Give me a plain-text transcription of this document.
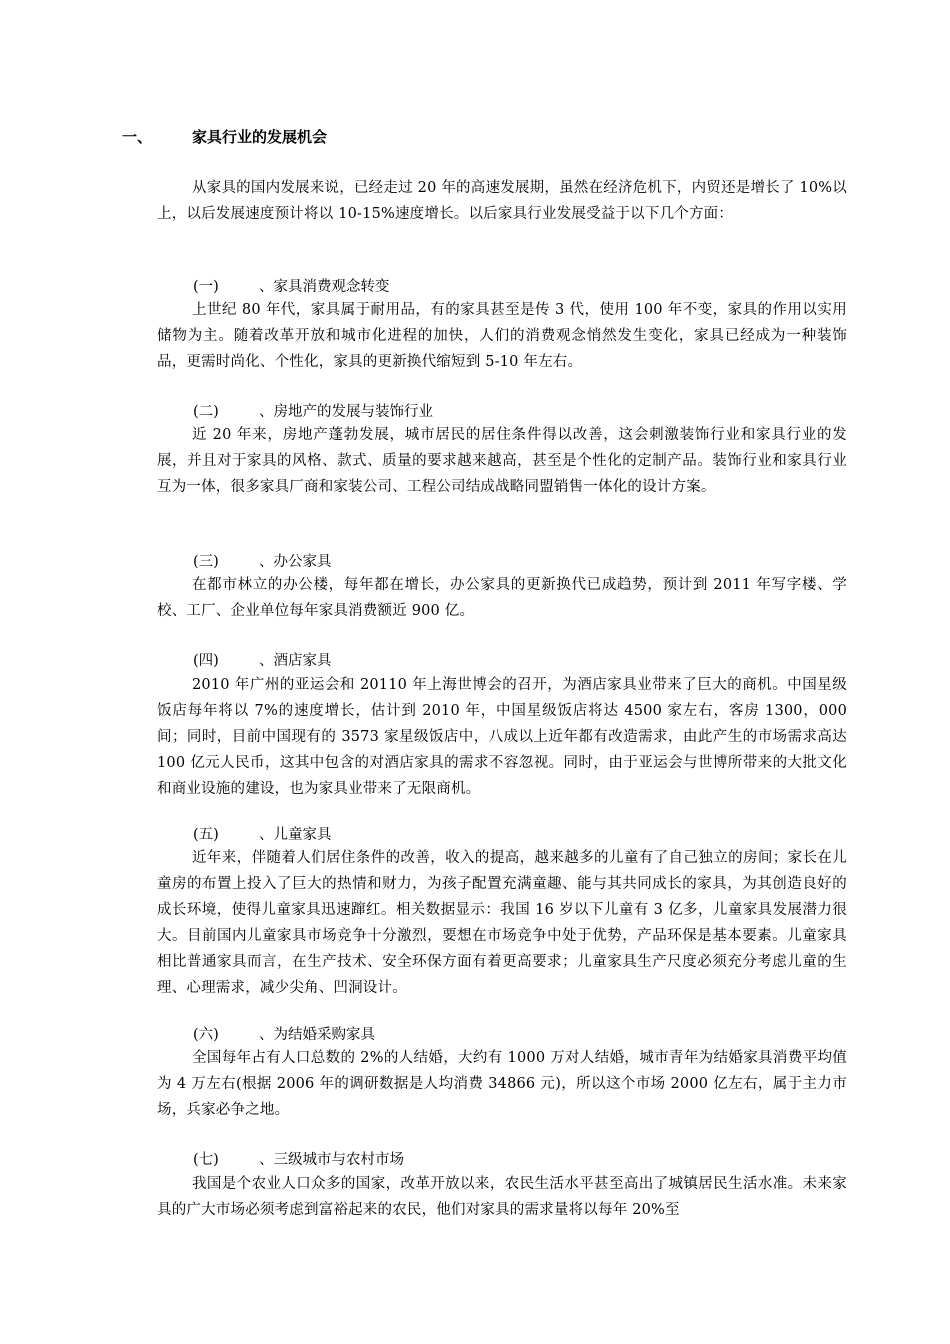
一、	家具行业的发展机会

从家具的国内发展来说，已经走过 20 年的高速发展期，虽然在经济危机下，内贸还是增长了 10%以上，以后发展速度预计将以 10-15%速度增长。以后家具行业发展受益于以下几个方面：

(一)	、家具消费观念转变

上世纪 80 年代，家具属于耐用品，有的家具甚至是传 3 代，使用 100 年不变，家具的作用以实用储物为主。随着改革开放和城市化进程的加快，人们的消费观念悄然发生变化，家具已经成为一种装饰品，更需时尚化、个性化，家具的更新换代缩短到 5-10 年左右。

(二)	、房地产的发展与装饰行业

近 20 年来，房地产蓬勃发展，城市居民的居住条件得以改善，这会刺激装饰行业和家具行业的发展，并且对于家具的风格、款式、质量的要求越来越高，甚至是个性化的定制产品。装饰行业和家具行业互为一体，很多家具厂商和家装公司、工程公司结成战略同盟销售一体化的设计方案。

(三)	、办公家具

在都市林立的办公楼，每年都在增长，办公家具的更新换代已成趋势，预计到 2011 年写字楼、学校、工厂、企业单位每年家具消费额近 900 亿。

(四)	、酒店家具

2010 年广州的亚运会和 20110 年上海世博会的召开，为酒店家具业带来了巨大的商机。中国星级饭店每年将以 7%的速度增长，估计到 2010 年，中国星级饭店将达 4500 家左右，客房 1300，000 间；同时，目前中国现有的 3573 家星级饭店中，八成以上近年都有改造需求，由此产生的市场需求高达 100 亿元人民币，这其中包含的对酒店家具的需求不容忽视。同时，由于亚运会与世博所带来的大批文化和商业设施的建设，也为家具业带来了无限商机。

(五)	、儿童家具

近年来，伴随着人们居住条件的改善，收入的提高，越来越多的儿童有了自己独立的房间；家长在儿童房的布置上投入了巨大的热情和财力，为孩子配置充满童趣、能与其共同成长的家具，为其创造良好的成长环境，使得儿童家具迅速蹿红。相关数据显示：我国 16 岁以下儿童有 3 亿多，儿童家具发展潜力很大。目前国内儿童家具市场竞争十分激烈，要想在市场竞争中处于优势，产品环保是基本要素。儿童家具相比普通家具而言，在生产技术、安全环保方面有着更高要求；儿童家具生产尺度必须充分考虑儿童的生理、心理需求，减少尖角、凹洞设计。

(六)	、为结婚采购家具

全国每年占有人口总数的 2%的人结婚，大约有 1000 万对人结婚，城市青年为结婚家具消费平均值为 4 万左右(根据 2006 年的调研数据是人均消费 34866 元)，所以这个市场 2000 亿左右，属于主力市场，兵家必争之地。

(七)	、三级城市与农村市场

我国是个农业人口众多的国家，改革开放以来，农民生活水平甚至高出了城镇居民生活水准。未来家具的广大市场必须考虑到富裕起来的农民，他们对家具的需求量将以每年 20%至
